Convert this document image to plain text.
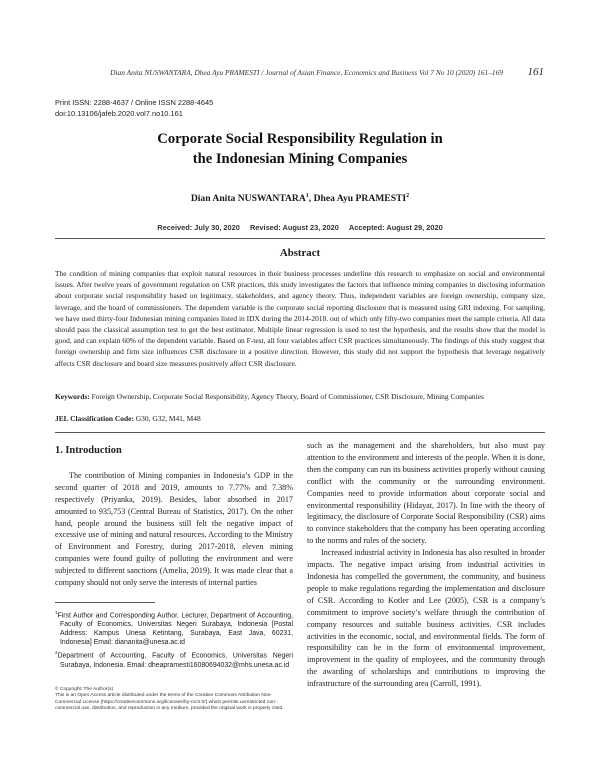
Dian Anita NUSWANTARA, Dhea Ayu PRAMESTI / Journal of Asian Finance, Economics and Business Vol 7 No 10 (2020) 161–169	161
Print ISSN: 2288-4637 / Online ISSN 2288-4645
doi:10.13106/jafeb.2020.vol7.no10.161
Corporate Social Responsibility Regulation in
the Indonesian Mining Companies
Dian Anita NUSWANTARA$^1$, Dhea Ayu PRAMESTI$^2$
Received: July 30, 2020 Revised: August 23, 2020 Accepted: August 29, 2020
Abstract
The condition of mining companies that exploit natural resources in their business processes underline this research to emphasize on social and environmental issues. After twelve years of government regulation on CSR practices, this study investigates the factors that influence mining companies in disclosing information about corporate social responsibility based on legitimacy, stakeholders, and agency theory. Thus, independent variables are foreign ownership, company size, leverage, and the board of commissioners. The dependent variable is the corporate social reporting disclosure that is measured using GRI indexing. For sampling, we have used thirty-four Indonesian mining companies listed in IDX during the 2014-2018. out of which only fifty-two companies meet the sample criteria. All data should pass the classical assumption test to get the best estimator. Multiple linear regression is used to test the hypothesis, and the results show that the model is good, and can explain 60% of the dependent variable. Based on F-test, all four variables affect CSR practices simultaneously. The findings of this study suggest that foreign ownership and firm size influences CSR disclosure in a positive direction. However, this study did not support the hypothesis that leverage negatively affects CSR disclosure and board size measures positively affect CSR disclosure.
Keywords: Foreign Ownership, Corporate Social Responsibility, Agency Theory, Board of Commissioner, CSR Disclosure, Mining Companies
JEL Classification Code: G30, G32, M41, M48
1. Introduction

The contribution of Mining companies in Indonesia’s GDP in the second quarter of 2018 and 2019, amounts to 7.77% and 7.38% respectively (Priyanka, 2019). Besides, labor absorbed in 2017 amounted to 935,753 (Central Bureau of Statistics, 2017). On the other hand, people around the business still felt the negative impact of excessive use of mining and natural resources. According to the Ministry of Environment and Forestry, during 2017-2018, eleven mining companies were found guilty of polluting the environment and were subjected to different sanctions (Amelia, 2019). It was made clear that a company should not only serve the interests of internal parties

such as the management and the shareholders, but also must pay attention to the environment and interests of the people. When it is done, then the company can run its business activities properly without causing conflict with the community or the surrounding environment. Companies need to provide information about corporate social and environmental responsibility (Hidayat, 2017). In line with the theory of legitimacy, the disclosure of Corporate Social Responsibility (CSR) aims to convince stakeholders that the company has been operating according to the norms and rules of the society.

Increased industrial activity in Indonesia has also resulted in broader impacts. The negative impact arising from industrial activities in Indonesia has compelled the government, the community, and business people to make regulations regarding the implementation and disclosure of CSR. According to Kotler and Lee (2005), CSR is a company’s commitment to improve society’s welfare through the contribution of company resources and suitable business activities. CSR includes activities in the economic, social, and environmental fields. The form of responsibility can be in the form of environmental improvement, improvement in the quality of employees, and the community through the awarding of scholarships and contributions to improving the infrastructure of the surrounding area (Carroll, 1991).

$^1$First Author and Corresponding Author. Lecturer, Department of Accounting, Faculty of Economics, Universitas Negeri Surabaya, Indonesia [Postal Address: Kampus Unesa Ketintang, Surabaya, East Java, 60231, Indonesia] Email: diananita@unesa.ac.id
$^2$Department of Accounting, Faculty of Economics, Universitas Negeri Surabaya, Indonesia. Email: dheapramesti16080694032@mhs.unesa.ac.id
© Copyright: The Author(s)
This is an Open Access article distributed under the terms of the Creative Commons Attribution Non-Commercial License (https://creativecommons.org/licenses/by-nc/4.0/) which permits unrestricted non-commercial use, distribution, and reproduction in any medium, provided the original work is properly cited.
